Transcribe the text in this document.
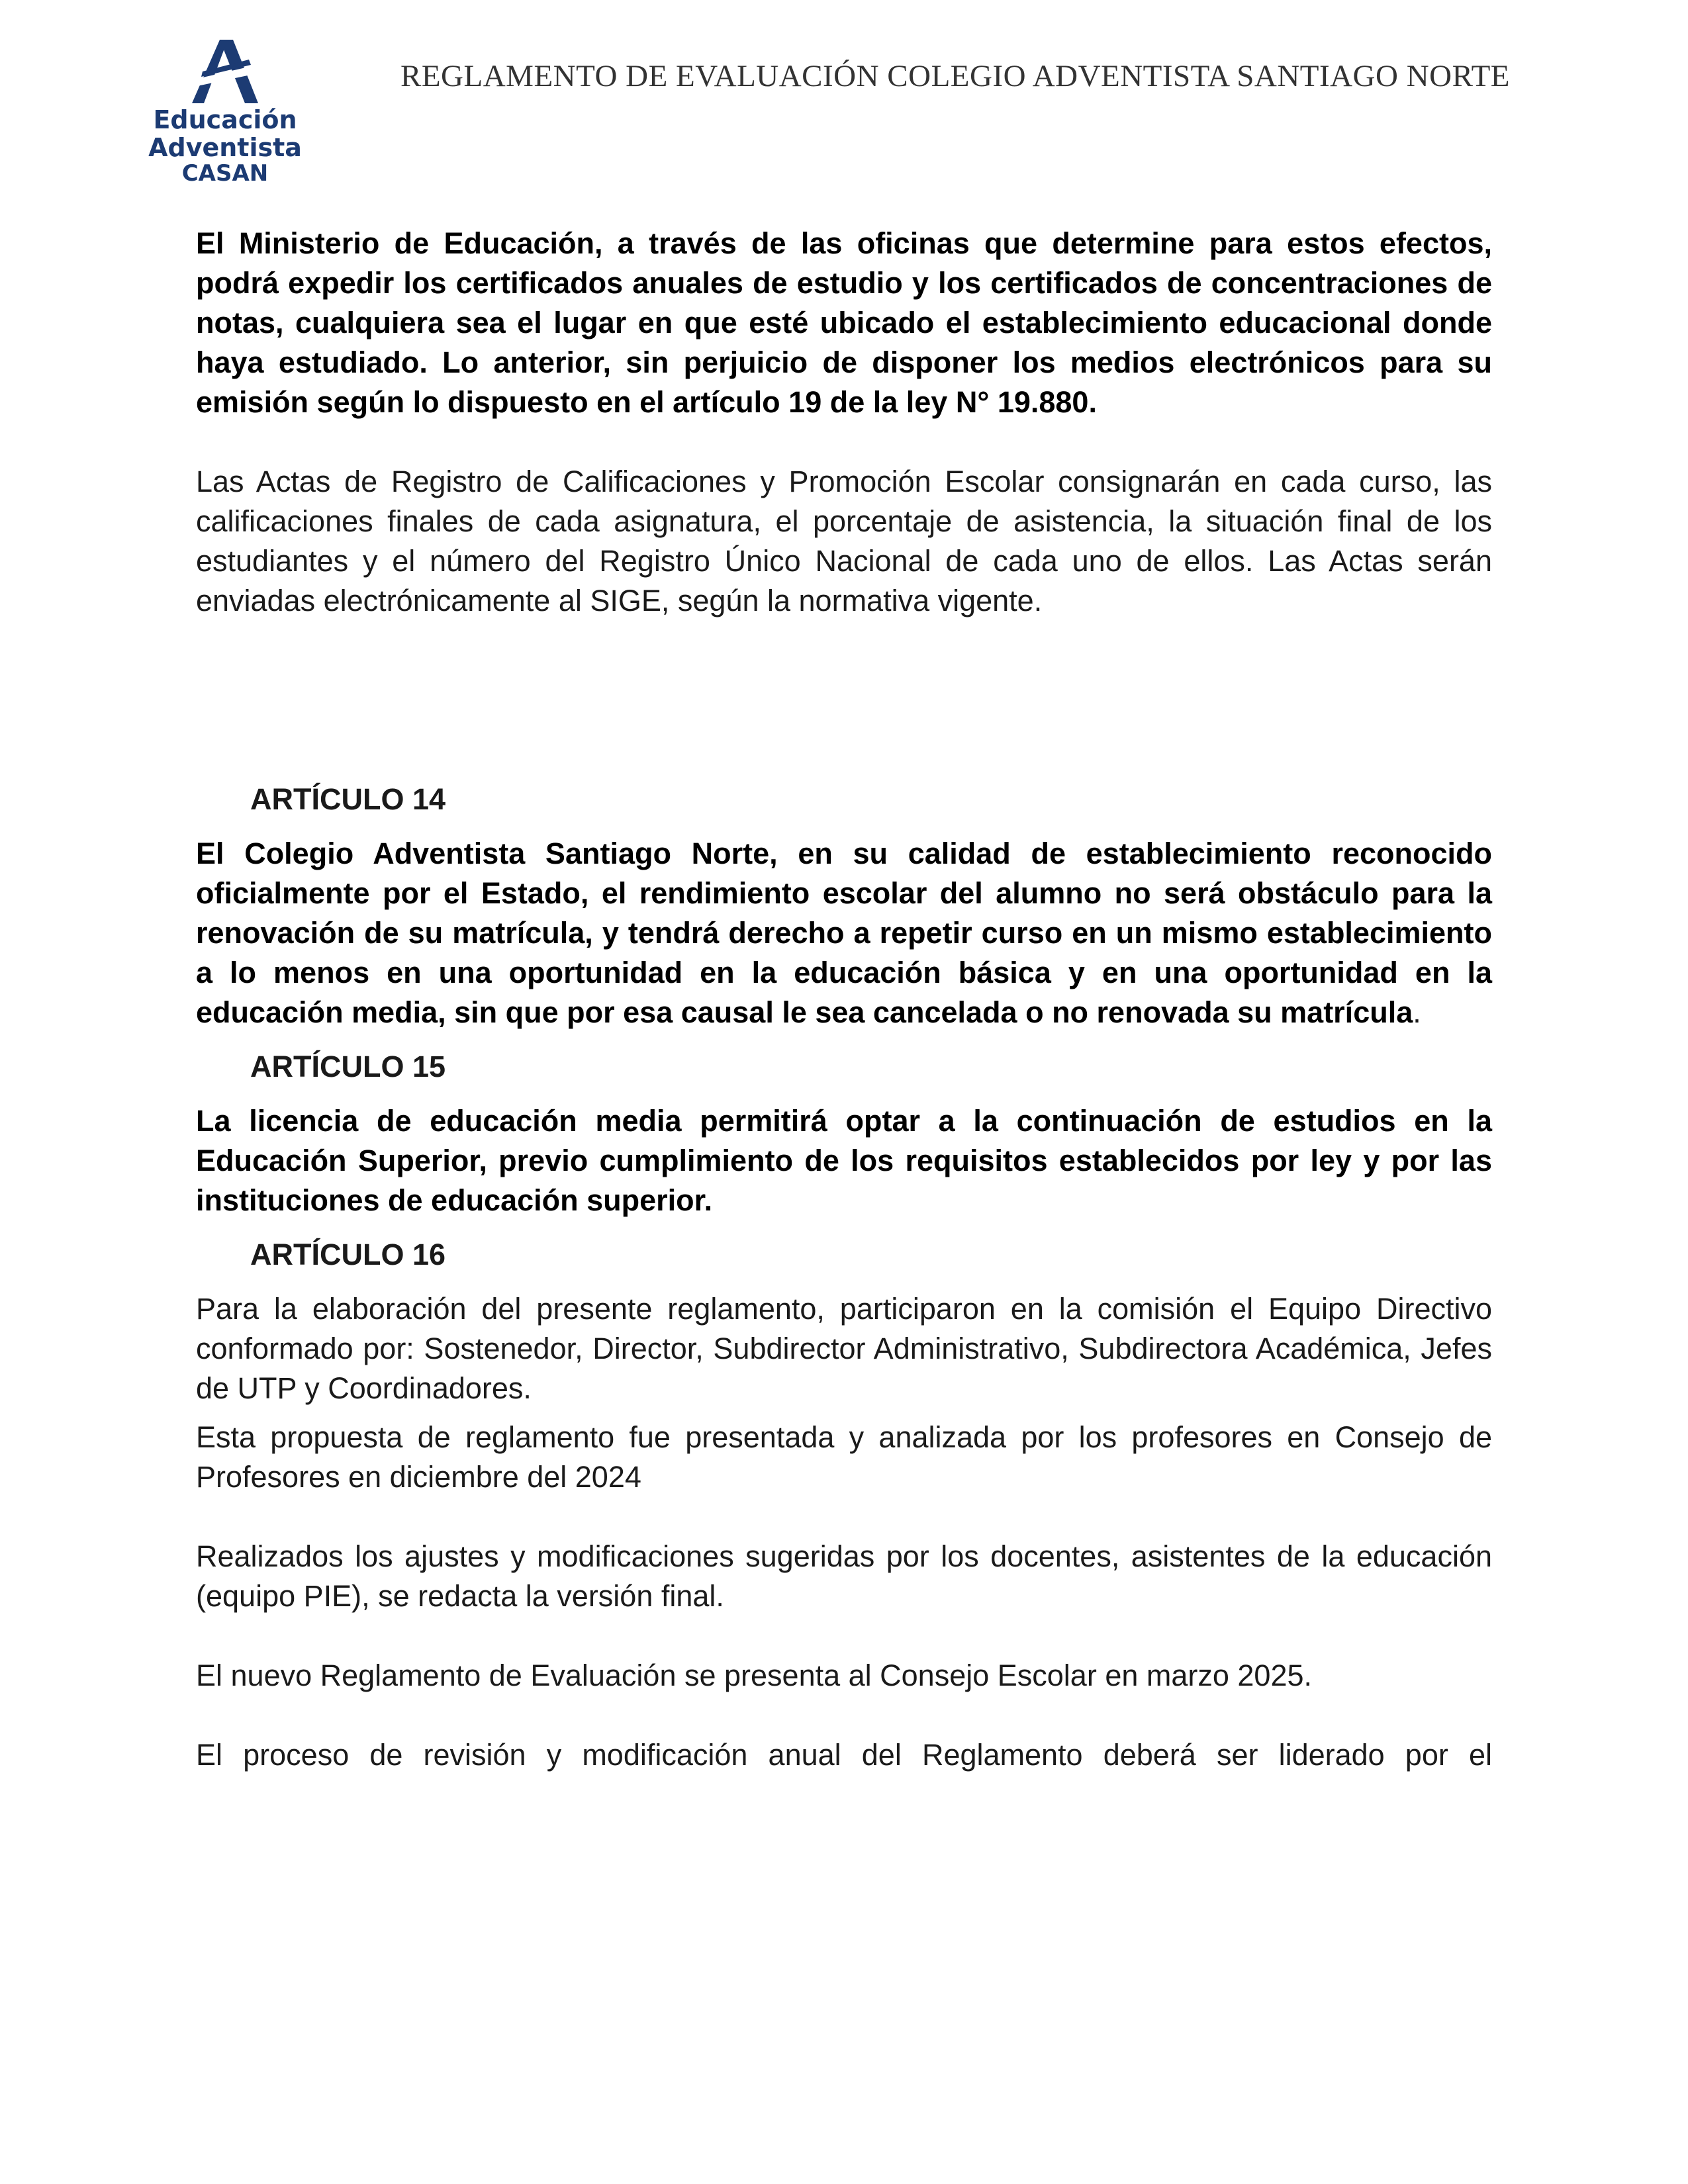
Educación
Adventista
CASAN
REGLAMENTO DE EVALUACIÓN COLEGIO ADVENTISTA SANTIAGO NORTE

El Ministerio de Educación, a través de las oficinas que determine para estos efectos, podrá expedir los certificados anuales de estudio y los certificados de concentraciones de notas, cualquiera sea el lugar en que esté ubicado el establecimiento educacional donde haya estudiado. Lo anterior, sin perjuicio de disponer los medios electrónicos para su emisión según lo dispuesto en el artículo 19 de la ley N° 19.880.

Las Actas de Registro de Calificaciones y Promoción Escolar consignarán en cada curso, las calificaciones finales de cada asignatura, el porcentaje de asistencia, la situación final de los estudiantes y el número del Registro Único Nacional de cada uno de ellos. Las Actas serán enviadas electrónicamente al SIGE, según la normativa vigente.

ARTÍCULO 14

El Colegio Adventista Santiago Norte, en su calidad de establecimiento reconocido oficialmente por el Estado, el rendimiento escolar del alumno no será obstáculo para la renovación de su matrícula, y tendrá derecho a repetir curso en un mismo establecimiento a lo menos en una oportunidad en la educación básica y en una oportunidad en la educación media, sin que por esa causal le sea cancelada o no renovada su matrícula.

ARTÍCULO 15

La licencia de educación media permitirá optar a la continuación de estudios en la Educación Superior, previo cumplimiento de los requisitos establecidos por ley y por las instituciones de educación superior.

ARTÍCULO 16

Para la elaboración del presente reglamento, participaron en la comisión el Equipo Directivo conformado por: Sostenedor, Director, Subdirector Administrativo, Subdirectora Académica, Jefes de UTP y Coordinadores.

Esta propuesta de reglamento fue presentada y analizada por los profesores en Consejo de Profesores en diciembre del 2024

Realizados los ajustes y modificaciones sugeridas por los docentes, asistentes de la educación (equipo PIE), se redacta la versión final.

El nuevo Reglamento de Evaluación se presenta al Consejo Escolar en marzo 2025.

El proceso de revisión y modificación anual del Reglamento deberá ser liderado por el
